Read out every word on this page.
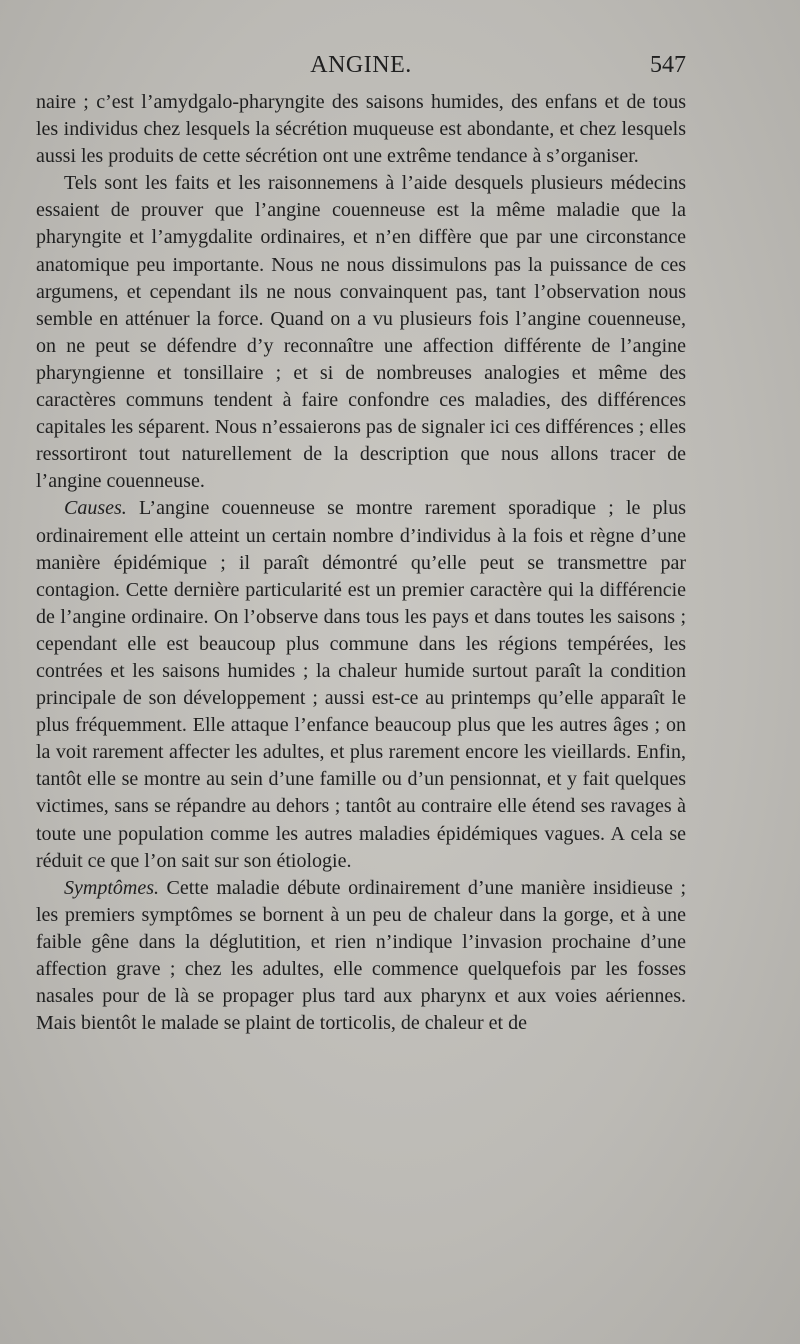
ANGINE.	547

naire ; c’est l’amydgalo-pharyngite des saisons humides, des enfans et de tous les individus chez lesquels la sécrétion muqueuse est abondante, et chez lesquels aussi les produits de cette sécrétion ont une extrême tendance à s’organiser.

Tels sont les faits et les raisonnemens à l’aide desquels plusieurs médecins essaient de prouver que l’angine couenneuse est la même maladie que la pharyngite et l’amygdalite ordinaires, et n’en diffère que par une circonstance anatomique peu importante. Nous ne nous dissimulons pas la puissance de ces argumens, et cependant ils ne nous convainquent pas, tant l’observation nous semble en atténuer la force. Quand on a vu plusieurs fois l’angine couenneuse, on ne peut se défendre d’y reconnaître une affection différente de l’angine pharyngienne et tonsillaire ; et si de nombreuses analogies et même des caractères communs tendent à faire confondre ces maladies, des différences capitales les séparent. Nous n’essaierons pas de signaler ici ces différences ; elles ressortiront tout naturellement de la description que nous allons tracer de l’angine couenneuse.

Causes. L’angine couenneuse se montre rarement sporadique ; le plus ordinairement elle atteint un certain nombre d’individus à la fois et règne d’une manière épidémique ; il paraît démontré qu’elle peut se transmettre par contagion. Cette dernière particularité est un premier caractère qui la différencie de l’angine ordinaire. On l’observe dans tous les pays et dans toutes les saisons ; cependant elle est beaucoup plus commune dans les régions tempérées, les contrées et les saisons humides ; la chaleur humide surtout paraît la condition principale de son développement ; aussi est-ce au printemps qu’elle apparaît le plus fréquemment. Elle attaque l’enfance beaucoup plus que les autres âges ; on la voit rarement affecter les adultes, et plus rarement encore les vieillards. Enfin, tantôt elle se montre au sein d’une famille ou d’un pensionnat, et y fait quelques victimes, sans se répandre au dehors ; tantôt au contraire elle étend ses ravages à toute une population comme les autres maladies épidémiques vagues. A cela se réduit ce que l’on sait sur son étiologie.

Symptômes. Cette maladie débute ordinairement d’une manière insidieuse ; les premiers symptômes se bornent à un peu de chaleur dans la gorge, et à une faible gêne dans la déglutition, et rien n’indique l’invasion prochaine d’une affection grave ; chez les adultes, elle commence quelquefois par les fosses nasales pour de là se propager plus tard aux pharynx et aux voies aériennes. Mais bientôt le malade se plaint de torticolis, de chaleur et de
